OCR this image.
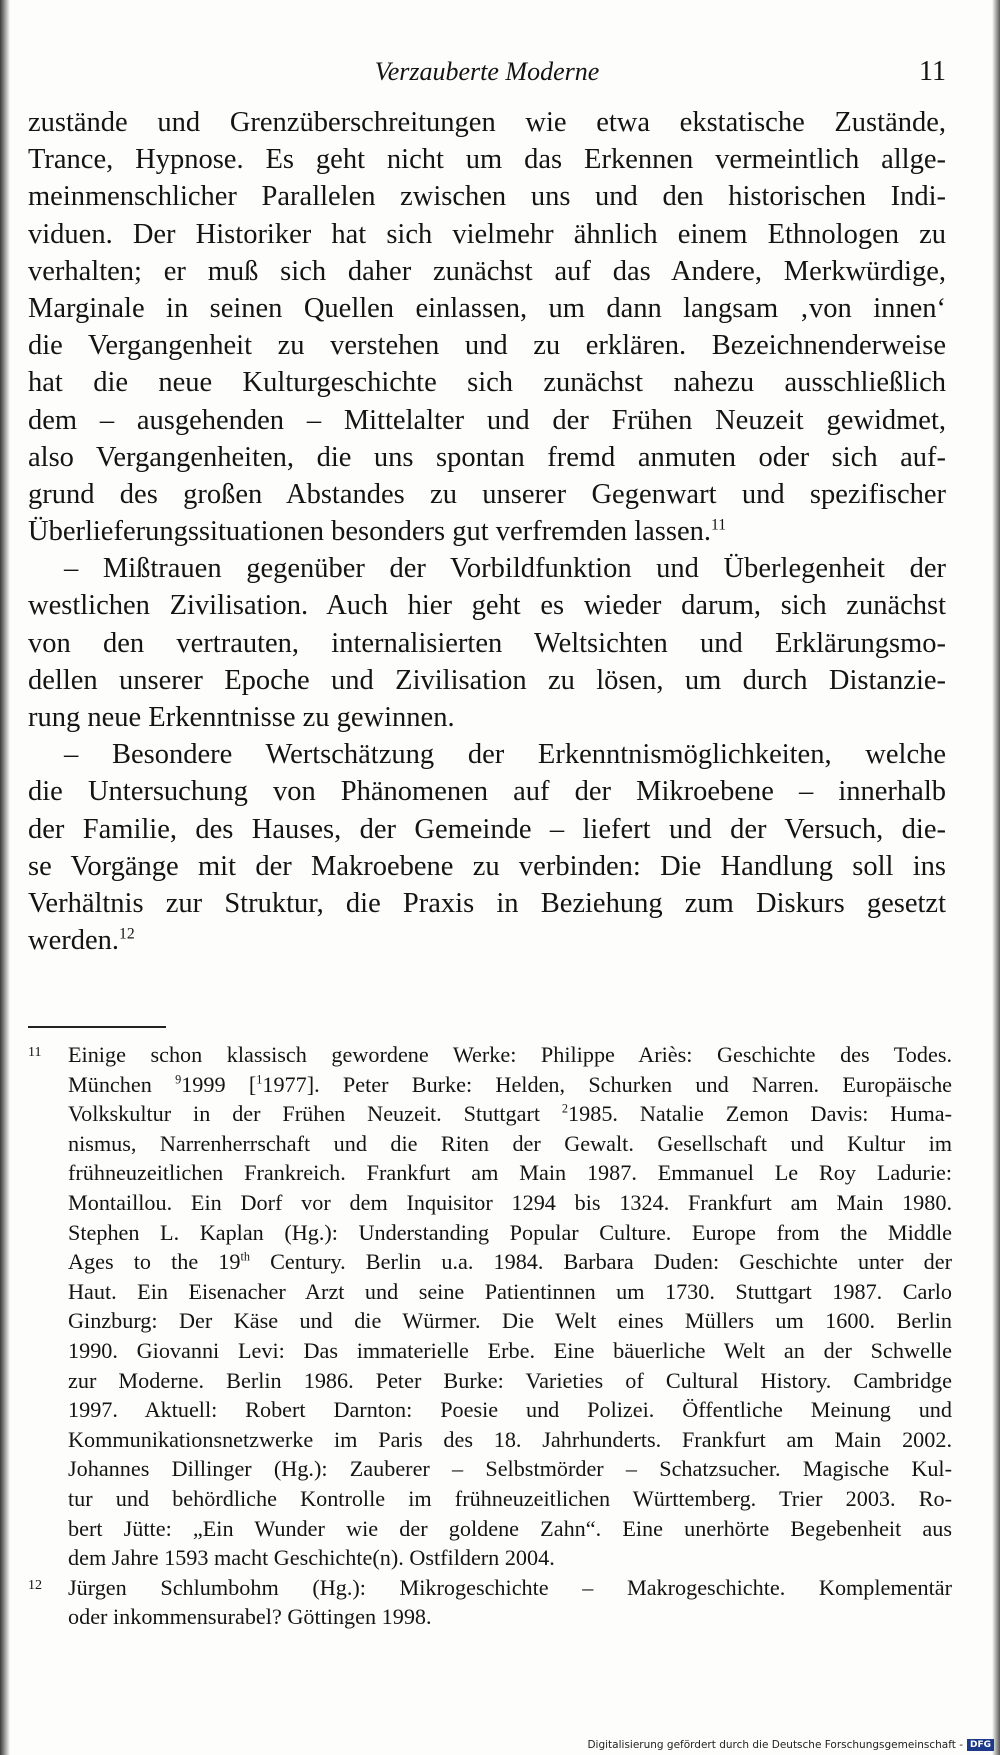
Verzauberte Moderne	11
zustände und Grenzüberschreitungen wie etwa ekstatische Zustände,
Trance, Hypnose. Es geht nicht um das Erkennen vermeintlich allge-
meinmenschlicher Parallelen zwischen uns und den historischen Indi-
viduen. Der Historiker hat sich vielmehr ähnlich einem Ethnologen zu
verhalten; er muß sich daher zunächst auf das Andere, Merkwürdige,
Marginale in seinen Quellen einlassen, um dann langsam ‚von innen‘
die Vergangenheit zu verstehen und zu erklären. Bezeichnenderweise
hat die neue Kulturgeschichte sich zunächst nahezu ausschließlich
dem – ausgehenden – Mittelalter und der Frühen Neuzeit gewidmet,
also Vergangenheiten, die uns spontan fremd anmuten oder sich auf-
grund des großen Abstandes zu unserer Gegenwart und spezifischer
Überlieferungssituationen besonders gut verfremden lassen.$^{11}$
– Mißtrauen gegenüber der Vorbildfunktion und Überlegenheit der
westlichen Zivilisation. Auch hier geht es wieder darum, sich zunächst
von den vertrauten, internalisierten Weltsichten und Erklärungsmo-
dellen unserer Epoche und Zivilisation zu lösen, um durch Distanzie-
rung neue Erkenntnisse zu gewinnen.
– Besondere Wertschätzung der Erkenntnismöglichkeiten, welche
die Untersuchung von Phänomenen auf der Mikroebene – innerhalb
der Familie, des Hauses, der Gemeinde – liefert und der Versuch, die-
se Vorgänge mit der Makroebene zu verbinden: Die Handlung soll ins
Verhältnis zur Struktur, die Praxis in Beziehung zum Diskurs gesetzt
werden.$^{12}$
11 Einige schon klassisch gewordene Werke: Philippe Ariès: Geschichte des Todes.
München $^9$1999 [$^1$1977]. Peter Burke: Helden, Schurken und Narren. Europäische
Volkskultur in der Frühen Neuzeit. Stuttgart $^2$1985. Natalie Zemon Davis: Huma-
nismus, Narrenherrschaft und die Riten der Gewalt. Gesellschaft und Kultur im
frühneuzeitlichen Frankreich. Frankfurt am Main 1987. Emmanuel Le Roy Ladurie:
Montaillou. Ein Dorf vor dem Inquisitor 1294 bis 1324. Frankfurt am Main 1980.
Stephen L. Kaplan (Hg.): Understanding Popular Culture. Europe from the Middle
Ages to the 19th Century. Berlin u.a. 1984. Barbara Duden: Geschichte unter der
Haut. Ein Eisenacher Arzt und seine Patientinnen um 1730. Stuttgart 1987. Carlo
Ginzburg: Der Käse und die Würmer. Die Welt eines Müllers um 1600. Berlin
1990. Giovanni Levi: Das immaterielle Erbe. Eine bäuerliche Welt an der Schwelle
zur Moderne. Berlin 1986. Peter Burke: Varieties of Cultural History. Cambridge
1997. Aktuell: Robert Darnton: Poesie und Polizei. Öffentliche Meinung und
Kommunikationsnetzwerke im Paris des 18. Jahrhunderts. Frankfurt am Main 2002.
Johannes Dillinger (Hg.): Zauberer – Selbstmörder – Schatzsucher. Magische Kul-
tur und behördliche Kontrolle im frühneuzeitlichen Württemberg. Trier 2003. Ro-
bert Jütte: „Ein Wunder wie der goldene Zahn“. Eine unerhörte Begebenheit aus
dem Jahre 1593 macht Geschichte(n). Ostfildern 2004.
12 Jürgen Schlumbohm (Hg.): Mikrogeschichte – Makrogeschichte. Komplementär
oder inkommensurabel? Göttingen 1998.
Digitalisierung gefördert durch die Deutsche Forschungsgemeinschaft - DFG
